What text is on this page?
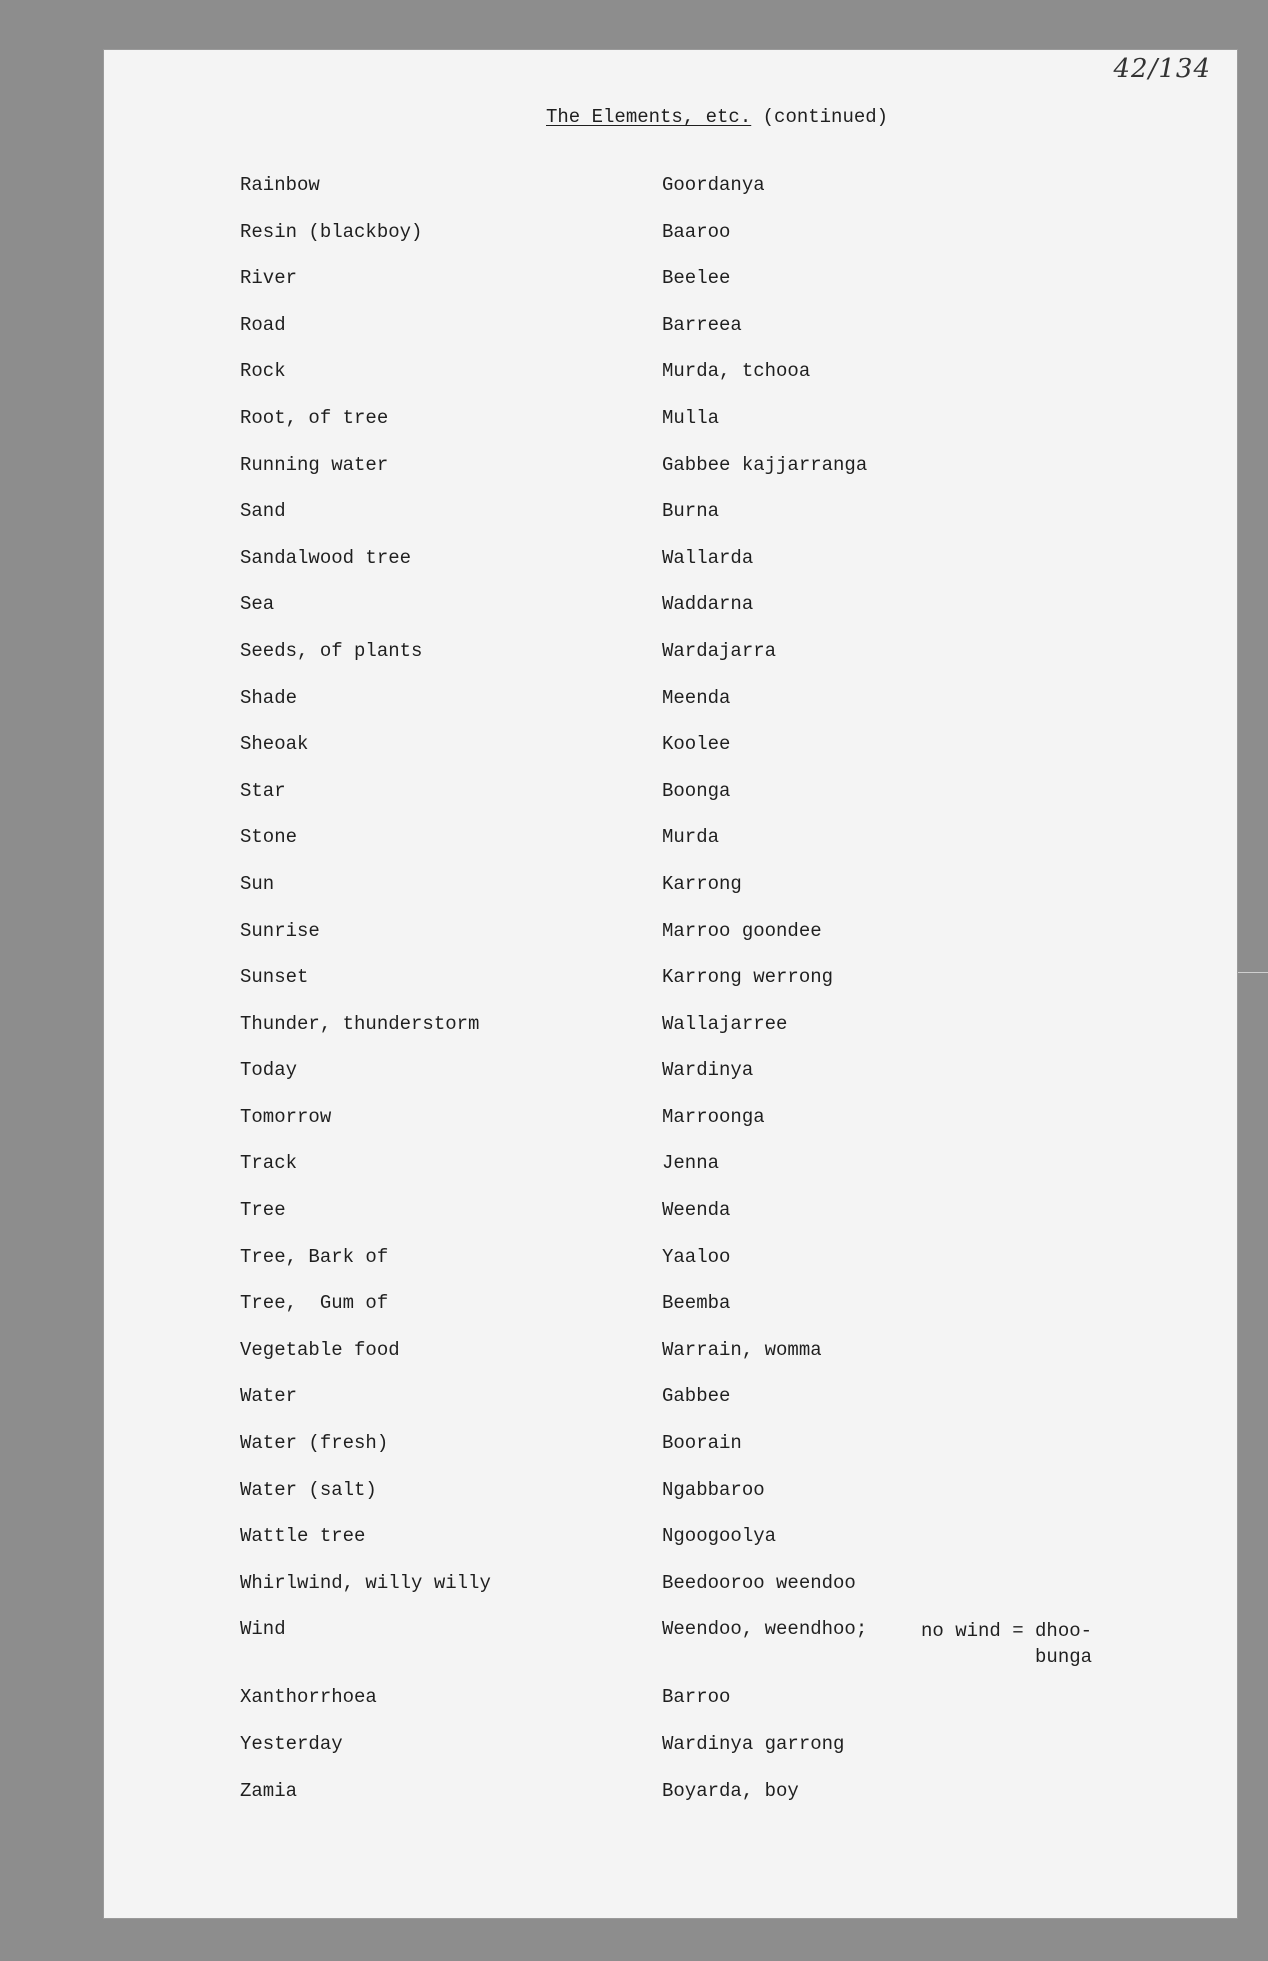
42/134
The Elements, etc. (continued)
Rainbow	Goordanya
Resin (blackboy)	Baaroo
River	Beelee
Road	Barreea
Rock	Murda, tchooa
Root, of tree	Mulla
Running water	Gabbee kajjarranga
Sand	Burna
Sandalwood tree	Wallarda
Sea	Waddarna
Seeds, of plants	Wardajarra
Shade	Meenda
Sheoak	Koolee
Star	Boonga
Stone	Murda
Sun	Karrong
Sunrise	Marroo goondee
Sunset	Karrong werrong
Thunder, thunderstorm	Wallajarree
Today	Wardinya
Tomorrow	Marroonga
Track	Jenna
Tree	Weenda
Tree, Bark of	Yaaloo
Tree,  Gum of	Beemba
Vegetable food	Warrain, womma
Water	Gabbee
Water (fresh)	Boorain
Water (salt)	Ngabbaroo
Wattle tree	Ngoogoolya
Whirlwind, willy willy	Beedooroo weendoo
Wind	Weendoo, weendhoo;	no wind = dhoo-
bunga
Xanthorrhoea	Barroo
Yesterday	Wardinya garrong
Zamia	Boyarda, boy
